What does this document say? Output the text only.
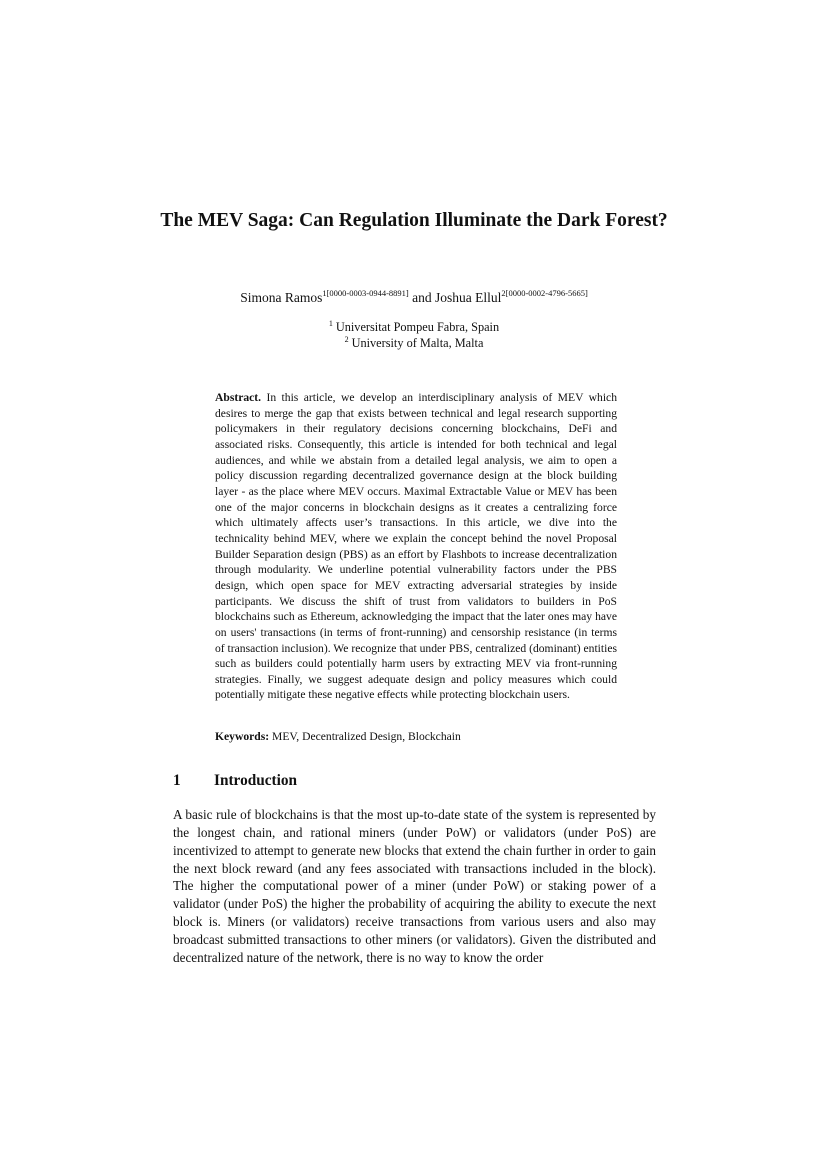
The MEV Saga: Can Regulation Illuminate the Dark Forest?

Simona Ramos$^{1[0000-0003-0944-8891]}$ and Joshua Ellul$^{2[0000-0002-4796-5665]}$

$^1$ Universitat Pompeu Fabra, Spain
$^2$ University of Malta, Malta

Abstract. In this article, we develop an interdisciplinary analysis of MEV which desires to merge the gap that exists between technical and legal research supporting policymakers in their regulatory decisions concerning blockchains, DeFi and associated risks. Consequently, this article is intended for both technical and legal audiences, and while we abstain from a detailed legal analysis, we aim to open a policy discussion regarding decentralized governance design at the block building layer - as the place where MEV occurs. Maximal Extractable Value or MEV has been one of the major concerns in blockchain designs as it creates a centralizing force which ultimately affects user’s transactions. In this article, we dive into the technicality behind MEV, where we explain the concept behind the novel Proposal Builder Separation design (PBS) as an effort by Flashbots to increase decentralization through modularity. We underline potential vulnerability factors under the PBS design, which open space for MEV extracting adversarial strategies by inside participants. We discuss the shift of trust from validators to builders in PoS blockchains such as Ethereum, acknowledging the impact that the later ones may have on users' transactions (in terms of front-running) and censorship resistance (in terms of transaction inclusion). We recognize that under PBS, centralized (dominant) entities such as builders could potentially harm users by extracting MEV via front-running strategies. Finally, we suggest adequate design and policy measures which could potentially mitigate these negative effects while protecting blockchain users.

Keywords: MEV, Decentralized Design, Blockchain

1	Introduction

A basic rule of blockchains is that the most up-to-date state of the system is represented by the longest chain, and rational miners (under PoW) or validators (under PoS) are incentivized to attempt to generate new blocks that extend the chain further in order to gain the next block reward (and any fees associated with transactions included in the block). The higher the computational power of a miner (under PoW) or staking power of a validator (under PoS) the higher the probability of acquiring the ability to execute the next block is. Miners (or validators) receive transactions from various users and also may broadcast submitted transactions to other miners (or validators). Given the distributed and decentralized nature of the network, there is no way to know the order
